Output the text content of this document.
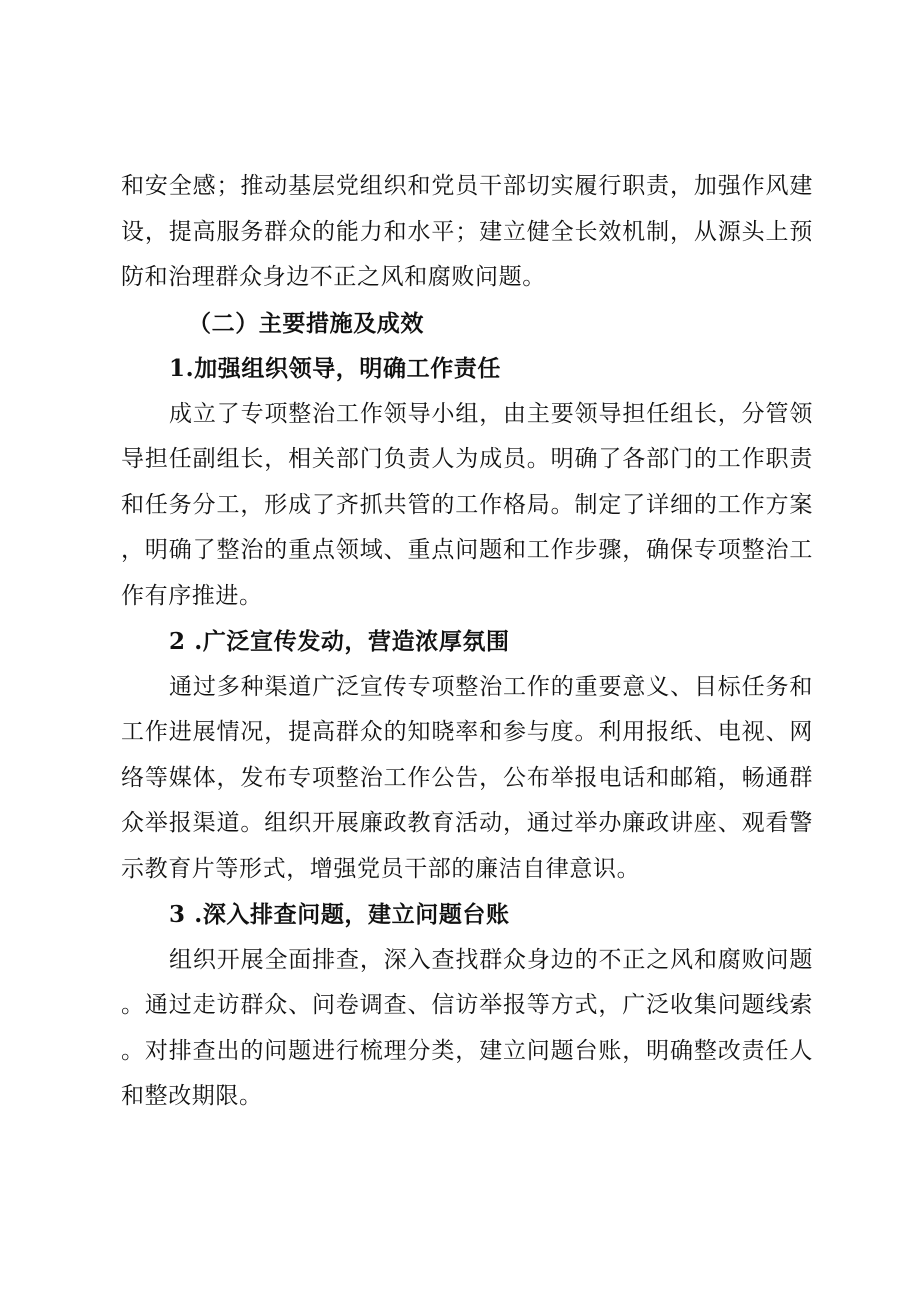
和安全感；推动基层党组织和党员干部切实履行职责，加强作风建设，提高服务群众的能力和水平；建立健全长效机制，从源头上预防和治理群众身边不正之风和腐败问题。

（二）主要措施及成效
1.加强组织领导，明确工作责任

成立了专项整治工作领导小组，由主要领导担任组长，分管领导担任副组长，相关部门负责人为成员。明确了各部门的工作职责和任务分工，形成了齐抓共管的工作格局。制定了详细的工作方案，明确了整治的重点领域、重点问题和工作步骤，确保专项整治工作有序推进。

2 .广泛宣传发动，营造浓厚氛围

通过多种渠道广泛宣传专项整治工作的重要意义、目标任务和工作进展情况，提高群众的知晓率和参与度。利用报纸、电视、网络等媒体，发布专项整治工作公告，公布举报电话和邮箱，畅通群众举报渠道。组织开展廉政教育活动，通过举办廉政讲座、观看警示教育片等形式，增强党员干部的廉洁自律意识。

3 .深入排查问题，建立问题台账

组织开展全面排查，深入查找群众身边的不正之风和腐败问题。通过走访群众、问卷调查、信访举报等方式，广泛收集问题线索。对排查出的问题进行梳理分类，建立问题台账，明确整改责任人和整改期限。
